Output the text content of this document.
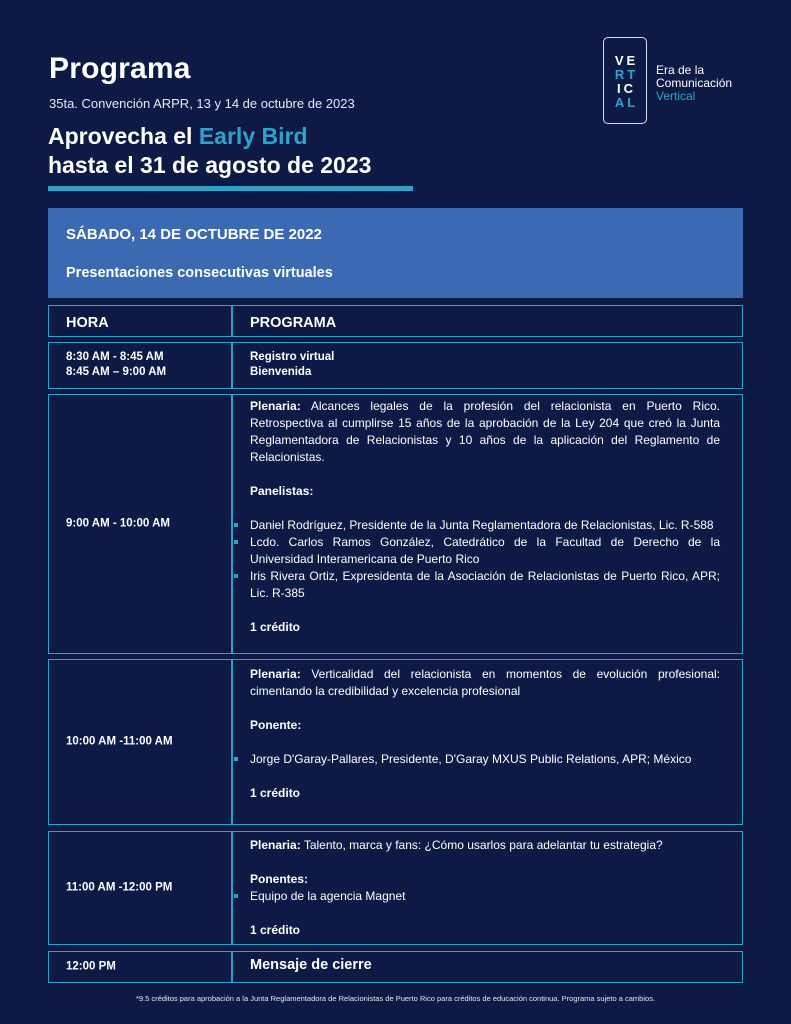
Programa
35ta. Convención ARPR, 13 y 14 de octubre de 2023
Aprovecha el Early Bird
hasta el 31 de agosto de 2023
VE
RT
IC
AL
Era de la
Comunicación
Vertical
SÁBADO, 14 DE OCTUBRE DE 2022
Presentaciones consecutivas virtuales
HORA	PROGRAMA
8:30 AM - 8:45 AM
8:45 AM – 9:00 AM
Registro virtual
Bienvenida
9:00 AM - 10:00 AM
Plenaria: Alcances legales de la profesión del relacionista en Puerto Rico. Retrospectiva al cumplirse 15 años de la aprobación de la Ley 204 que creó la Junta Reglamentadora de Relacionistas y 10 años de la aplicación del Reglamento de Relacionistas.
Panelistas:
Daniel Rodríguez, Presidente de la Junta Reglamentadora de Relacionistas, Lic. R-588
Lcdo. Carlos Ramos González, Catedrático de la Facultad de Derecho de la Universidad Interamericana de Puerto Rico
Iris Rivera Ortiz, Expresidenta de la Asociación de Relacionistas de Puerto Rico, APR; Lic. R-385
1 crédito
10:00 AM -11:00 AM
Plenaria: Verticalidad del relacionista en momentos de evolución profesional: cimentando la credibilidad y excelencia profesional
Ponente:
Jorge D'Garay-Pallares, Presidente, D'Garay MXUS Public Relations, APR; México
1 crédito
11:00 AM -12:00 PM
Plenaria: Talento, marca y fans: ¿Cómo usarlos para adelantar tu estrategia?
Ponentes:
Equipo de la agencia Magnet
1 crédito
12:00 PM	Mensaje de cierre
*9.5 créditos para aprobación a la Junta Reglamentadora de Relacionistas de Puerto Rico para créditos de educación continua. Programa sujeto a cambios.
